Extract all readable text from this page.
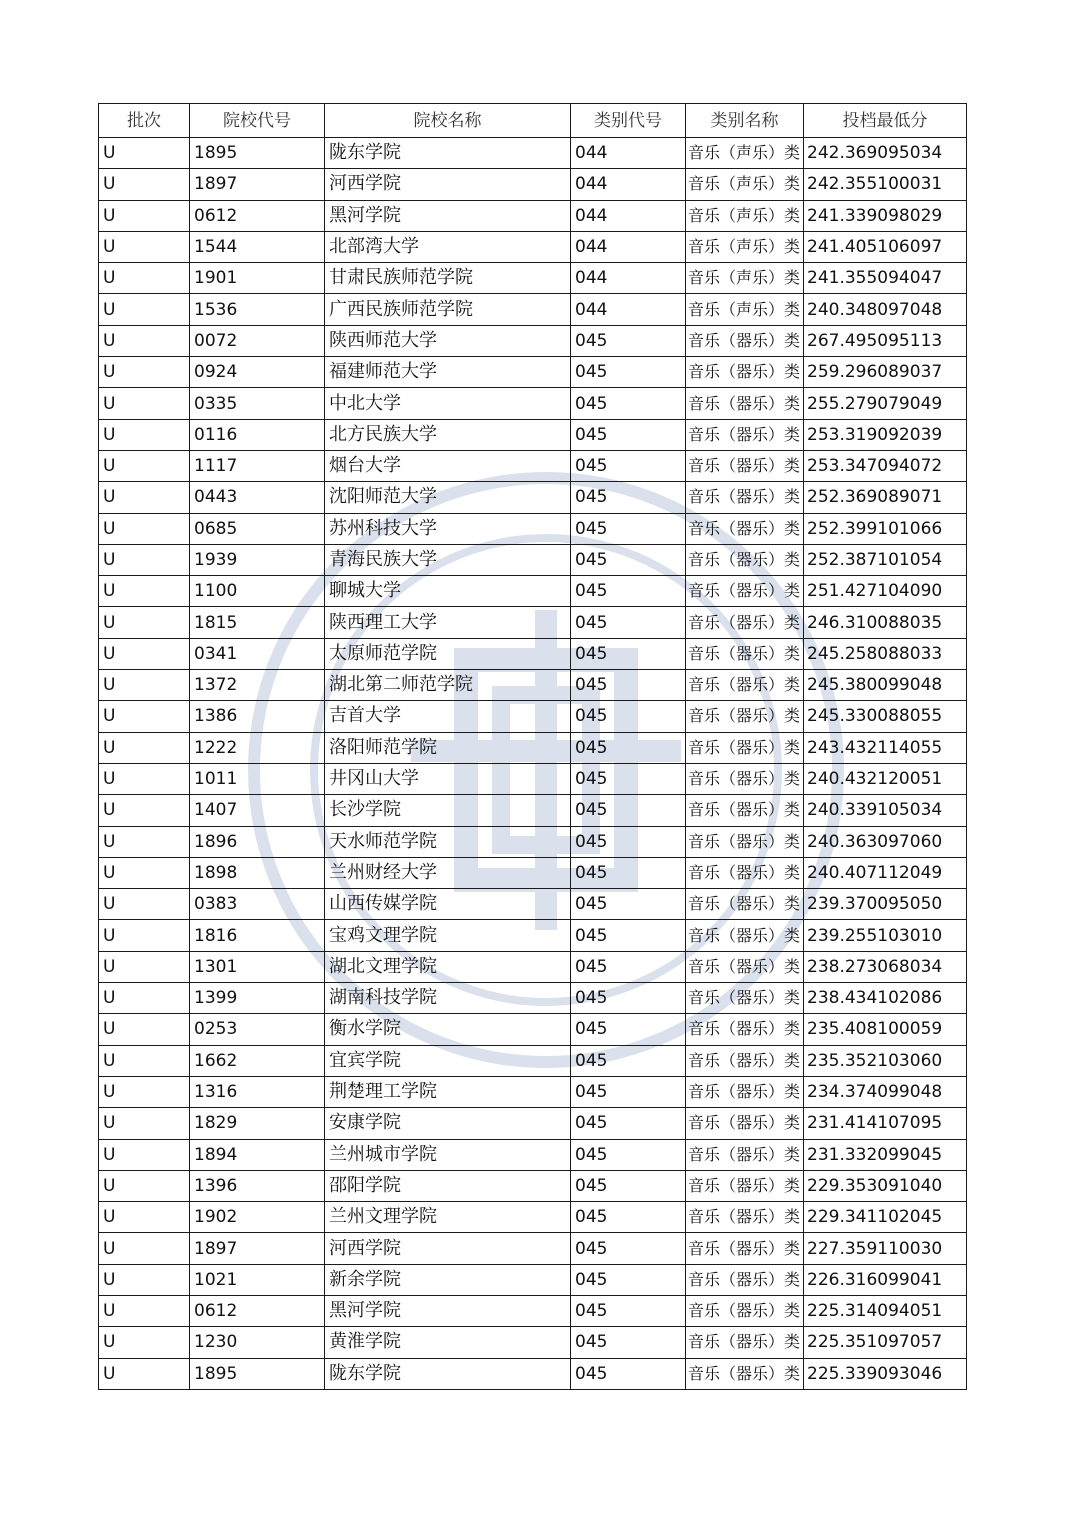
批次	院校代号	院校名称	类别代号	类别名称	投档最低分
U	1895	陇东学院	044	音乐（声乐）类	242.369095034
U	1897	河西学院	044	音乐（声乐）类	242.355100031
U	0612	黑河学院	044	音乐（声乐）类	241.339098029
U	1544	北部湾大学	044	音乐（声乐）类	241.405106097
U	1901	甘肃民族师范学院	044	音乐（声乐）类	241.355094047
U	1536	广西民族师范学院	044	音乐（声乐）类	240.348097048
U	0072	陕西师范大学	045	音乐（器乐）类	267.495095113
U	0924	福建师范大学	045	音乐（器乐）类	259.296089037
U	0335	中北大学	045	音乐（器乐）类	255.279079049
U	0116	北方民族大学	045	音乐（器乐）类	253.319092039
U	1117	烟台大学	045	音乐（器乐）类	253.347094072
U	0443	沈阳师范大学	045	音乐（器乐）类	252.369089071
U	0685	苏州科技大学	045	音乐（器乐）类	252.399101066
U	1939	青海民族大学	045	音乐（器乐）类	252.387101054
U	1100	聊城大学	045	音乐（器乐）类	251.427104090
U	1815	陕西理工大学	045	音乐（器乐）类	246.310088035
U	0341	太原师范学院	045	音乐（器乐）类	245.258088033
U	1372	湖北第二师范学院	045	音乐（器乐）类	245.380099048
U	1386	吉首大学	045	音乐（器乐）类	245.330088055
U	1222	洛阳师范学院	045	音乐（器乐）类	243.432114055
U	1011	井冈山大学	045	音乐（器乐）类	240.432120051
U	1407	长沙学院	045	音乐（器乐）类	240.339105034
U	1896	天水师范学院	045	音乐（器乐）类	240.363097060
U	1898	兰州财经大学	045	音乐（器乐）类	240.407112049
U	0383	山西传媒学院	045	音乐（器乐）类	239.370095050
U	1816	宝鸡文理学院	045	音乐（器乐）类	239.255103010
U	1301	湖北文理学院	045	音乐（器乐）类	238.273068034
U	1399	湖南科技学院	045	音乐（器乐）类	238.434102086
U	0253	衡水学院	045	音乐（器乐）类	235.408100059
U	1662	宜宾学院	045	音乐（器乐）类	235.352103060
U	1316	荆楚理工学院	045	音乐（器乐）类	234.374099048
U	1829	安康学院	045	音乐（器乐）类	231.414107095
U	1894	兰州城市学院	045	音乐（器乐）类	231.332099045
U	1396	邵阳学院	045	音乐（器乐）类	229.353091040
U	1902	兰州文理学院	045	音乐（器乐）类	229.341102045
U	1897	河西学院	045	音乐（器乐）类	227.359110030
U	1021	新余学院	045	音乐（器乐）类	226.316099041
U	0612	黑河学院	045	音乐（器乐）类	225.314094051
U	1230	黄淮学院	045	音乐（器乐）类	225.351097057
U	1895	陇东学院	045	音乐（器乐）类	225.339093046
